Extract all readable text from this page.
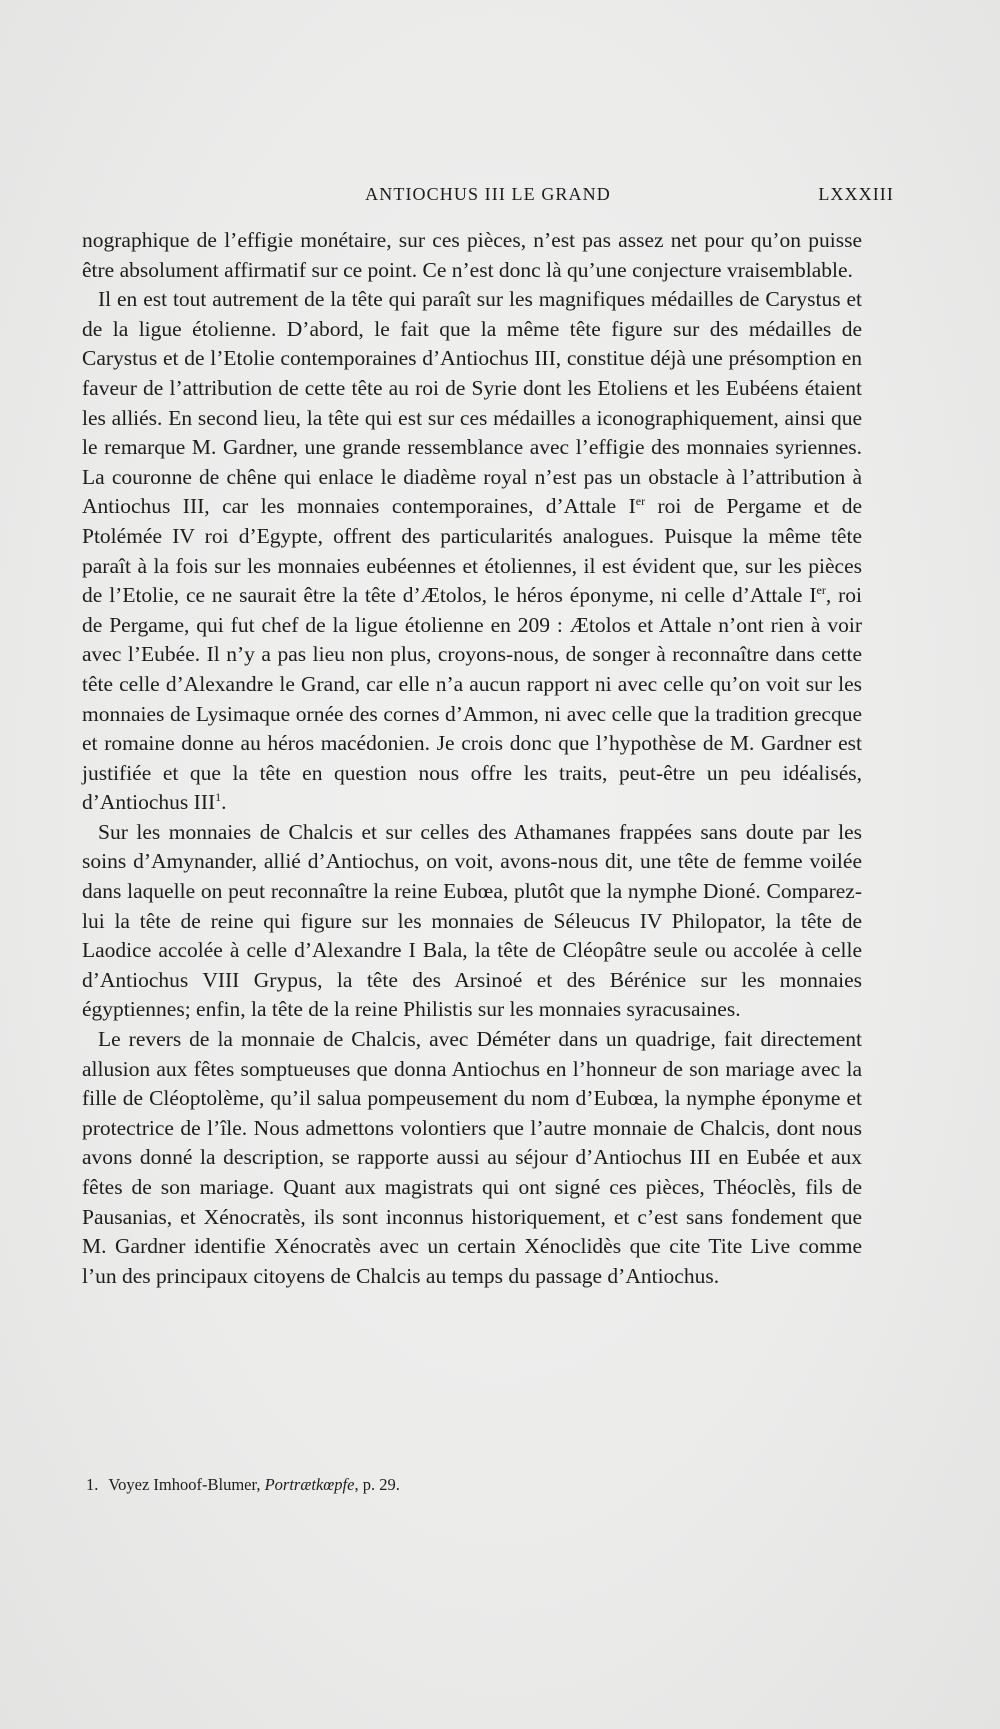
ANTIOCHUS III LE GRAND	LXXXIII

nographique de l’effigie monétaire, sur ces pièces, n’est pas assez net pour qu’on puisse être absolument affirmatif sur ce point. Ce n’est donc là qu’une conjecture vraisemblable.

Il en est tout autrement de la tête qui paraît sur les magnifiques médailles de Carystus et de la ligue étolienne. D’abord, le fait que la même tête figure sur des médailles de Carystus et de l’Etolie contemporaines d’Antiochus III, constitue déjà une présomption en faveur de l’attribution de cette tête au roi de Syrie dont les Etoliens et les Eubéens étaient les alliés. En second lieu, la tête qui est sur ces médailles a iconographiquement, ainsi que le remarque M. Gardner, une grande ressemblance avec l’effigie des monnaies syriennes. La couronne de chêne qui enlace le diadème royal n’est pas un obstacle à l’attribution à Antiochus III, car les monnaies contemporaines, d’Attale Ier roi de Pergame et de Ptolémée IV roi d’Egypte, offrent des particularités analogues. Puisque la même tête paraît à la fois sur les monnaies eubéennes et étoliennes, il est évident que, sur les pièces de l’Etolie, ce ne saurait être la tête d’Ætolos, le héros éponyme, ni celle d’Attale Ier, roi de Pergame, qui fut chef de la ligue étolienne en 209 : Ætolos et Attale n’ont rien à voir avec l’Eubée. Il n’y a pas lieu non plus, croyons-nous, de songer à reconnaître dans cette tête celle d’Alexandre le Grand, car elle n’a aucun rapport ni avec celle qu’on voit sur les monnaies de Lysimaque ornée des cornes d’Ammon, ni avec celle que la tradition grecque et romaine donne au héros macédonien. Je crois donc que l’hypothèse de M. Gardner est justifiée et que la tête en question nous offre les traits, peut-être un peu idéalisés, d’Antiochus III$^1$.

Sur les monnaies de Chalcis et sur celles des Athamanes frappées sans doute par les soins d’Amynander, allié d’Antiochus, on voit, avons-nous dit, une tête de femme voilée dans laquelle on peut reconnaître la reine Eubœa, plutôt que la nymphe Dioné. Comparez-lui la tête de reine qui figure sur les monnaies de Séleucus IV Philopator, la tête de Laodice accolée à celle d’Alexandre I Bala, la tête de Cléopâtre seule ou accolée à celle d’Antiochus VIII Grypus, la tête des Arsinoé et des Bérénice sur les monnaies égyptiennes; enfin, la tête de la reine Philistis sur les monnaies syracusaines.

Le revers de la monnaie de Chalcis, avec Déméter dans un quadrige, fait directement allusion aux fêtes somptueuses que donna Antiochus en l’honneur de son mariage avec la fille de Cléoptolème, qu’il salua pompeusement du nom d’Eubœa, la nymphe éponyme et protectrice de l’île. Nous admettons volontiers que l’autre monnaie de Chalcis, dont nous avons donné la description, se rapporte aussi au séjour d’Antiochus III en Eubée et aux fêtes de son mariage. Quant aux magistrats qui ont signé ces pièces, Théoclès, fils de Pausanias, et Xénocratès, ils sont inconnus historiquement, et c’est sans fondement que M. Gardner identifie Xénocratès avec un certain Xénoclidès que cite Tite Live comme l’un des principaux citoyens de Chalcis au temps du passage d’Antiochus.

1. Voyez Imhoof-Blumer, Portrætkœpfe, p. 29.
